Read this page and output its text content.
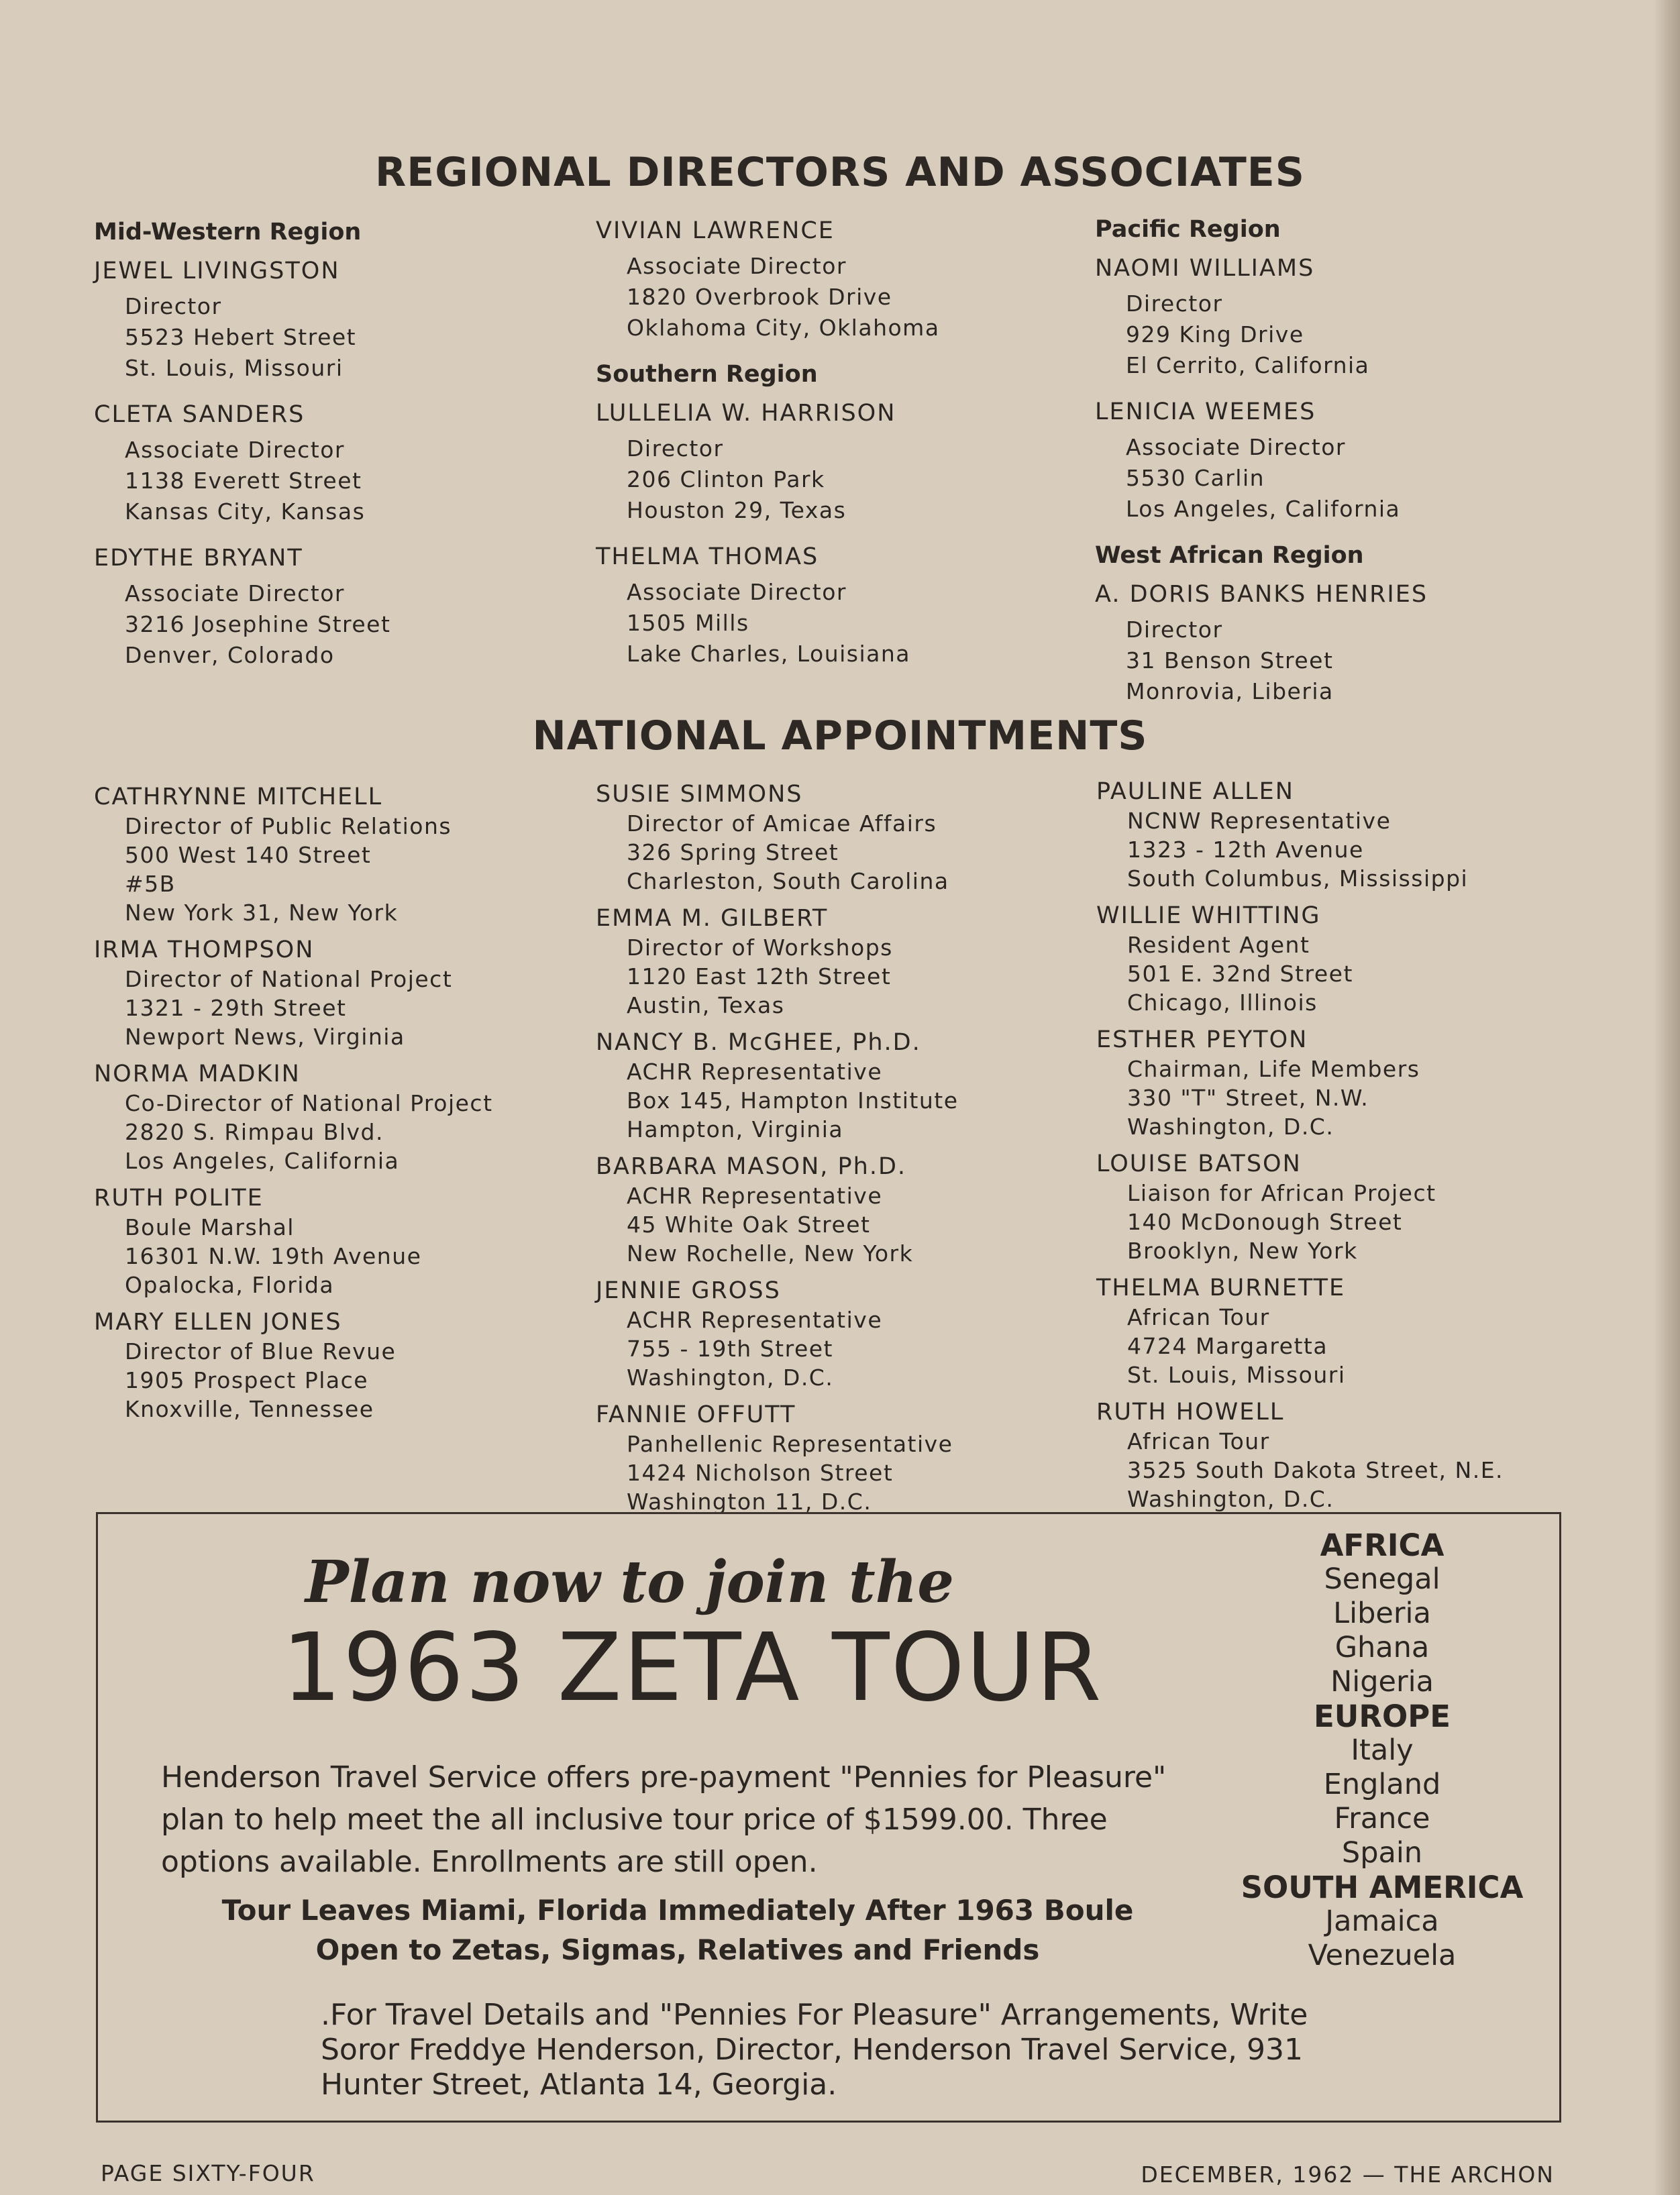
REGIONAL DIRECTORS AND ASSOCIATES
Mid-Western Region
JEWEL LIVINGSTON
Director
5523 Hebert Street
St. Louis, Missouri
CLETA SANDERS
Associate Director
1138 Everett Street
Kansas City, Kansas
EDYTHE BRYANT
Associate Director
3216 Josephine Street
Denver, Colorado
VIVIAN LAWRENCE
Associate Director
1820 Overbrook Drive
Oklahoma City, Oklahoma
Southern Region
LULLELIA W. HARRISON
Director
206 Clinton Park
Houston 29, Texas
THELMA THOMAS
Associate Director
1505 Mills
Lake Charles, Louisiana
Pacific Region
NAOMI WILLIAMS
Director
929 King Drive
El Cerrito, California
LENICIA WEEMES
Associate Director
5530 Carlin
Los Angeles, California
West African Region
A. DORIS BANKS HENRIES
Director
31 Benson Street
Monrovia, Liberia
NATIONAL APPOINTMENTS
CATHRYNNE MITCHELL
Director of Public Relations
500 West 140 Street
#5B
New York 31, New York
IRMA THOMPSON
Director of National Project
1321 - 29th Street
Newport News, Virginia
NORMA MADKIN
Co-Director of National Project
2820 S. Rimpau Blvd.
Los Angeles, California
RUTH POLITE
Boule Marshal
16301 N.W. 19th Avenue
Opalocka, Florida
MARY ELLEN JONES
Director of Blue Revue
1905 Prospect Place
Knoxville, Tennessee
SUSIE SIMMONS
Director of Amicae Affairs
326 Spring Street
Charleston, South Carolina
EMMA M. GILBERT
Director of Workshops
1120 East 12th Street
Austin, Texas
NANCY B. McGHEE, Ph.D.
ACHR Representative
Box 145, Hampton Institute
Hampton, Virginia
BARBARA MASON, Ph.D.
ACHR Representative
45 White Oak Street
New Rochelle, New York
JENNIE GROSS
ACHR Representative
755 - 19th Street
Washington, D.C.
FANNIE OFFUTT
Panhellenic Representative
1424 Nicholson Street
Washington 11, D.C.
PAULINE ALLEN
NCNW Representative
1323 - 12th Avenue
South Columbus, Mississippi
WILLIE WHITTING
Resident Agent
501 E. 32nd Street
Chicago, Illinois
ESTHER PEYTON
Chairman, Life Members
330 "T" Street, N.W.
Washington, D.C.
LOUISE BATSON
Liaison for African Project
140 McDonough Street
Brooklyn, New York
THELMA BURNETTE
African Tour
4724 Margaretta
St. Louis, Missouri
RUTH HOWELL
African Tour
3525 South Dakota Street, N.E.
Washington, D.C.
Plan now to join the
1963 ZETA TOUR
Henderson Travel Service offers pre-payment "Pennies for Pleasure" plan to help meet the all inclusive tour price of $1599.00. Three options available. Enrollments are still open.
Tour Leaves Miami, Florida Immediately After 1963 Boule
Open to Zetas, Sigmas, Relatives and Friends
.For Travel Details and "Pennies For Pleasure" Arrangements, Write Soror Freddye Henderson, Director, Henderson Travel Service, 931 Hunter Street, Atlanta 14, Georgia.
AFRICA
Senegal
Liberia
Ghana
Nigeria
EUROPE
Italy
England
France
Spain
SOUTH AMERICA
Jamaica
Venezuela
PAGE SIXTY-FOUR	DECEMBER, 1962 — THE ARCHON
